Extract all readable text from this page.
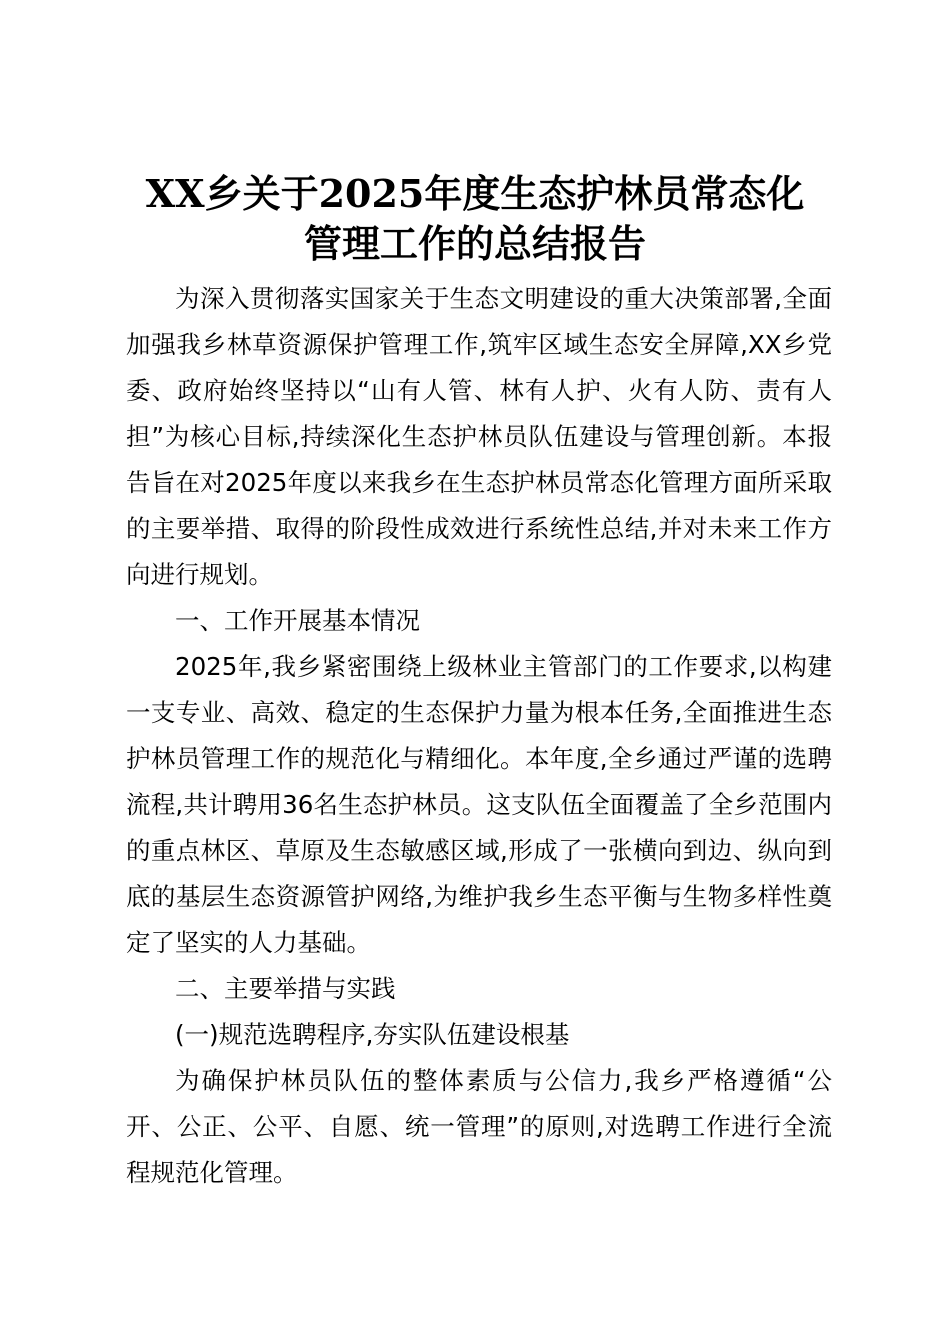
XX乡关于2025年度生态护林员常态化
管理工作的总结报告

为深入贯彻落实国家关于生态文明建设的重大决策部署,全面加强我乡林草资源保护管理工作,筑牢区域生态安全屏障,XX乡党委、政府始终坚持以“山有人管、林有人护、火有人防、责有人担”为核心目标,持续深化生态护林员队伍建设与管理创新。本报告旨在对2025年度以来我乡在生态护林员常态化管理方面所采取的主要举措、取得的阶段性成效进行系统性总结,并对未来工作方向进行规划。

一、工作开展基本情况

2025年,我乡紧密围绕上级林业主管部门的工作要求,以构建一支专业、高效、稳定的生态保护力量为根本任务,全面推进生态护林员管理工作的规范化与精细化。本年度,全乡通过严谨的选聘流程,共计聘用36名生态护林员。这支队伍全面覆盖了全乡范围内的重点林区、草原及生态敏感区域,形成了一张横向到边、纵向到底的基层生态资源管护网络,为维护我乡生态平衡与生物多样性奠定了坚实的人力基础。

二、主要举措与实践

(一)规范选聘程序,夯实队伍建设根基

为确保护林员队伍的整体素质与公信力,我乡严格遵循“公开、公正、公平、自愿、统一管理”的原则,对选聘工作进行全流程规范化管理。
